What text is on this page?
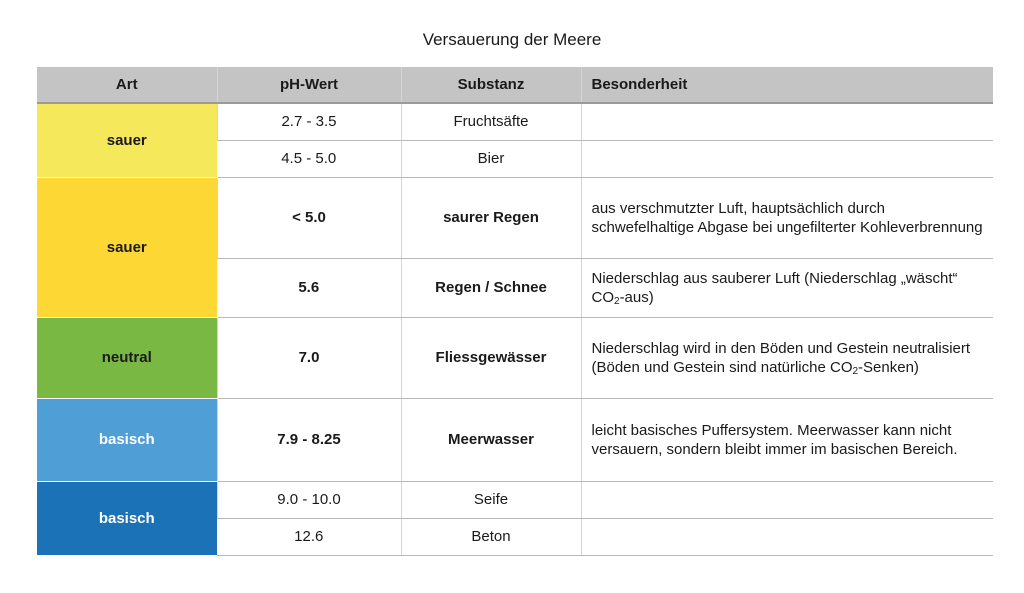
Versauerung der Meere
Art	pH-Wert	Substanz	Besonderheit
sauer	2.7 - 3.5	Fruchtsäfte	
	4.5 - 5.0	Bier	
sauer	< 5.0	saurer Regen	aus verschmutzter Luft, hauptsächlich durch schwefelhaltige Abgase bei ungefilterter Kohleverbrennung
	5.6	Regen / Schnee	Niederschlag aus sauberer Luft (Niederschlag „wäscht“ $CO_2-aus$)
neutral	7.0	Fliessgewässer	Niederschlag wird in den Böden und Gestein neutralisiert (Böden und Gestein sind natürliche $CO_2-Senken$)
basisch	7.9 - 8.25	Meerwasser	leicht basisches Puffersystem. Meerwasser kann nicht versauern, sondern bleibt immer im basischen Bereich.
basisch	9.0 - 10.0	Seife	
	12.6	Beton	
